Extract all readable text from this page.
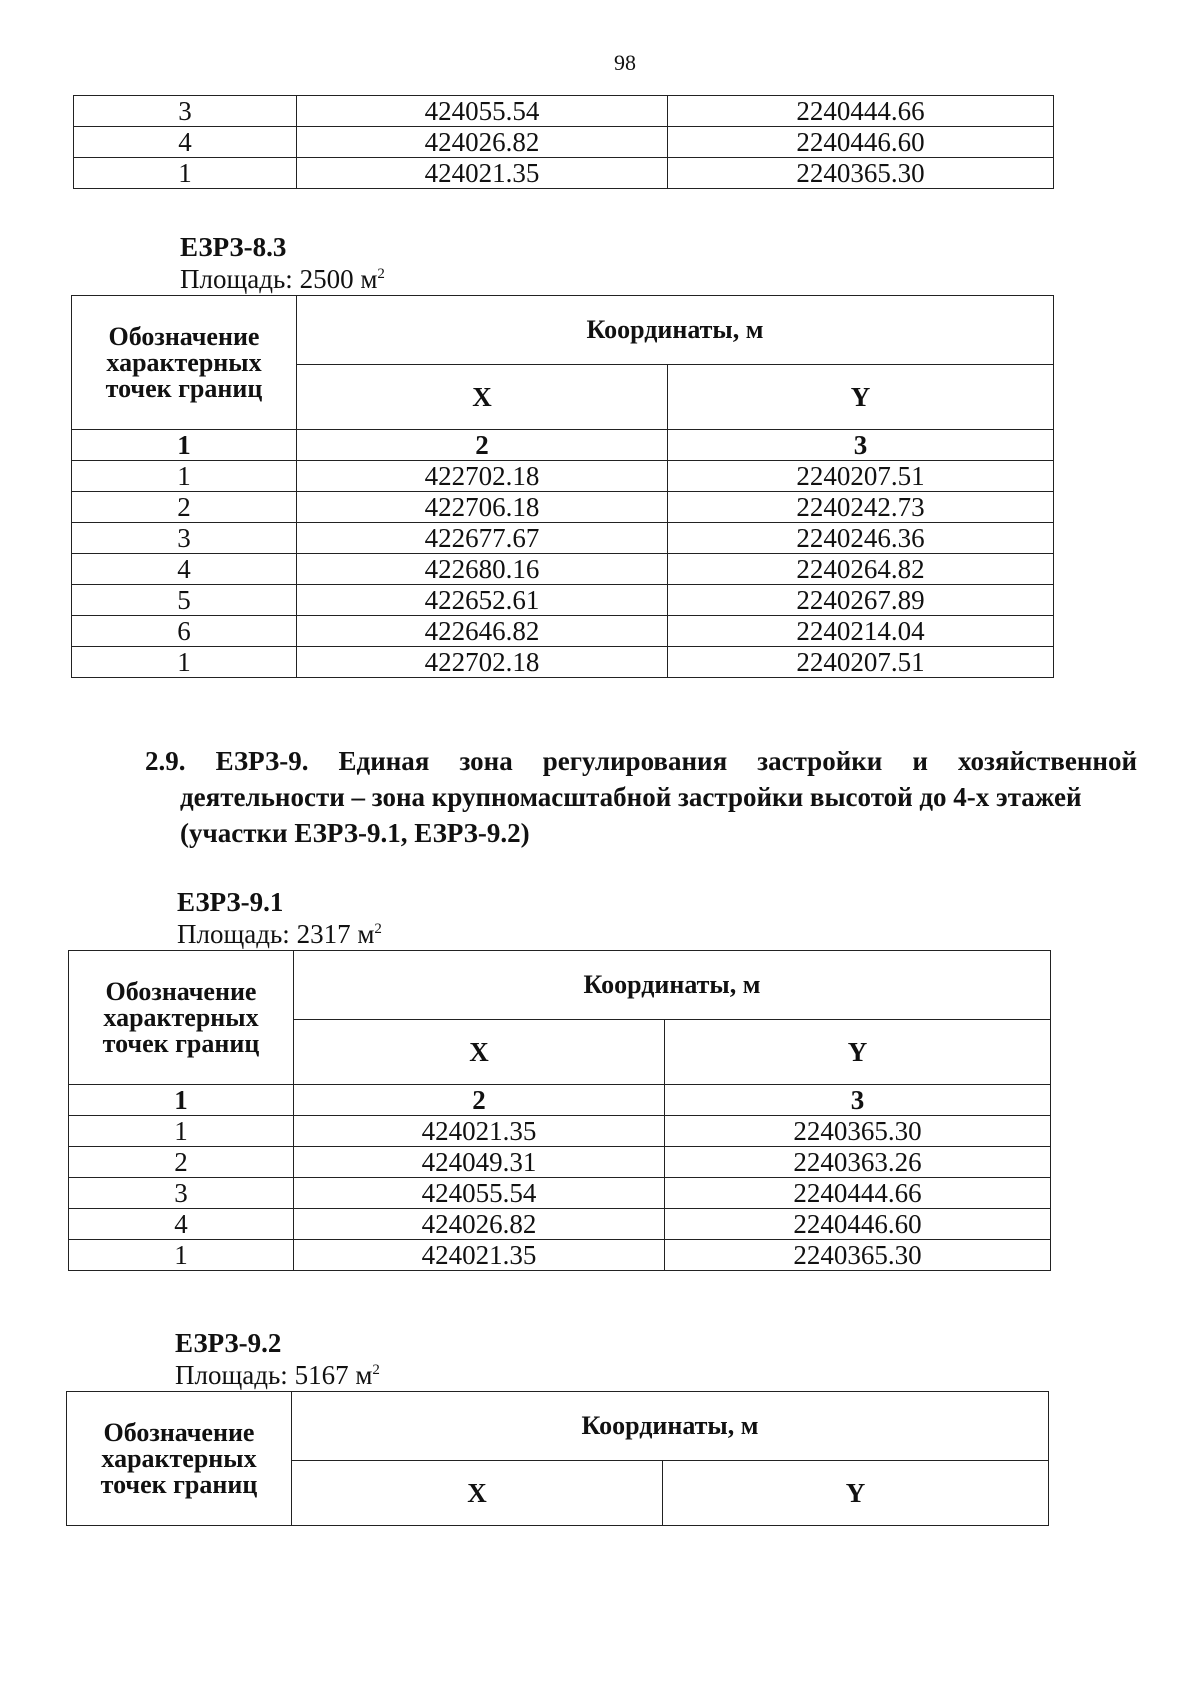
98
3	424055.54	2240444.66
4	424026.82	2240446.60
1	424021.35	2240365.30
ЕЗРЗ-8.3
Площадь: 2500 $м^2$
Обозначение
характерных
точек границ	Координаты, м	
	X	Y
1	2	3
1	422702.18	2240207.51
2	422706.18	2240242.73
3	422677.67	2240246.36
4	422680.16	2240264.82
5	422652.61	2240267.89
6	422646.82	2240214.04
1	422702.18	2240207.51
2.9. ЕЗРЗ-9. Единая зона регулирования застройки и хозяйственной
деятельности – зона крупномасштабной застройки высотой до 4-х этажей
(участки ЕЗРЗ-9.1, ЕЗРЗ-9.2)
ЕЗРЗ-9.1
Площадь: 2317 $м^2$
Обозначение
характерных
точек границ	Координаты, м	
	X	Y
1	2	3
1	424021.35	2240365.30
2	424049.31	2240363.26
3	424055.54	2240444.66
4	424026.82	2240446.60
1	424021.35	2240365.30
ЕЗРЗ-9.2
Площадь: 5167 $м^2$
Обозначение
характерных
точек границ	Координаты, м	
	X	Y
